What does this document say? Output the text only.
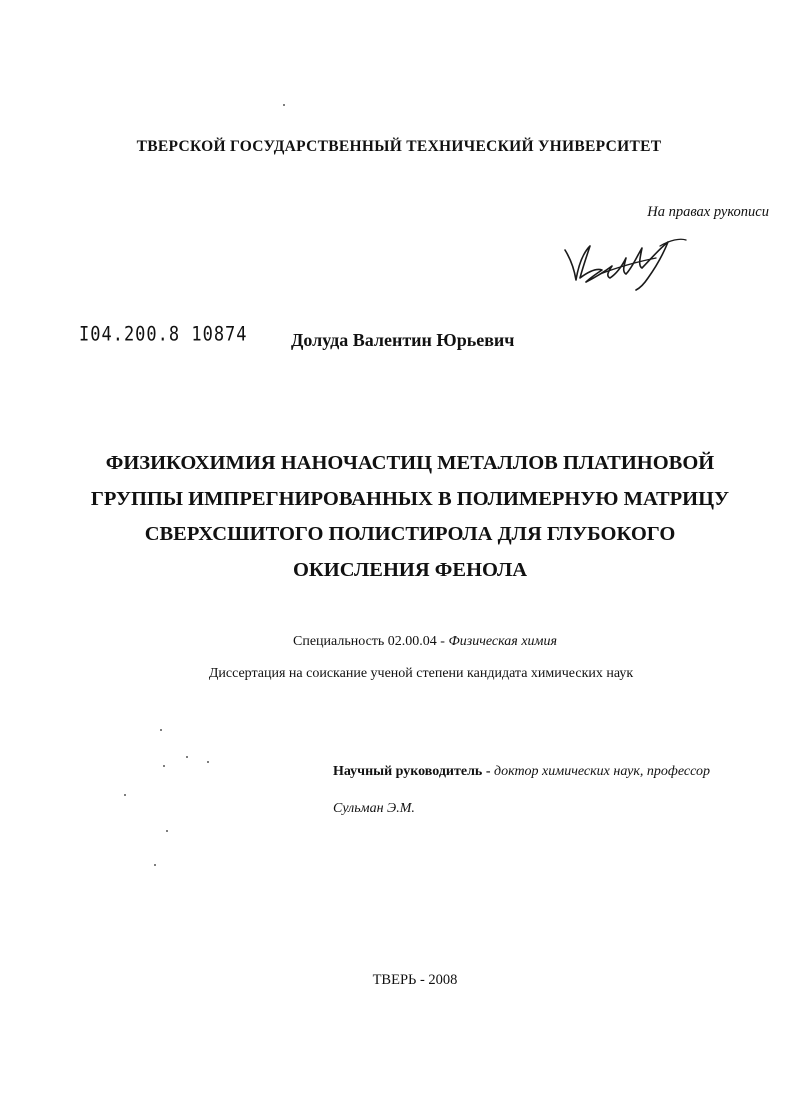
ТВЕРСКОЙ ГОСУДАРСТВЕННЫЙ ТЕХНИЧЕСКИЙ УНИВЕРСИТЕТ
На правах рукописи
I04.200.8 10874 Долуда Валентин Юрьевич
ФИЗИКОХИМИЯ НАНОЧАСТИЦ МЕТАЛЛОВ ПЛАТИНОВОЙ
ГРУППЫ ИМПРЕГНИРОВАННЫХ В ПОЛИМЕРНУЮ МАТРИЦУ
СВЕРХСШИТОГО ПОЛИСТИРОЛА ДЛЯ ГЛУБОКОГО
ОКИСЛЕНИЯ ФЕНОЛА
Специальность 02.00.04 - Физическая химия
Диссертация на соискание ученой степени кандидата химических наук
Научный руководитель - доктор химических наук, профессор
Сульман Э.М.
ТВЕРЬ - 2008
